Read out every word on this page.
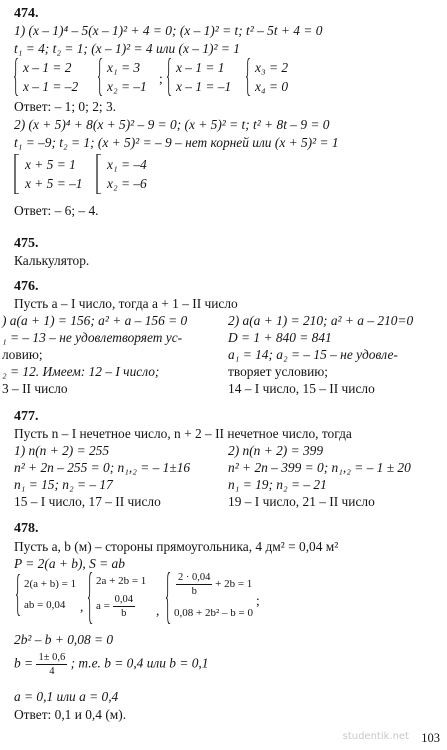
474.
1) (x – 1)⁴ – 5(x – 1)² + 4 = 0; (x – 1)² = t; t² – 5t + 4 = 0
t₁ = 4; t₂ = 1; (x – 1)² = 4 или (x – 1)² = 1
x – 1 = 2
x – 1 = –2
x₁ = 3
x₂ = –1
;
x – 1 = 1
x – 1 = –1
x₃ = 2
x₄ = 0
Ответ: – 1; 0; 2; 3.
2) (x + 5)⁴ + 8(x + 5)² – 9 = 0; (x + 5)² = t; t² + 8t – 9 = 0
t₁ = –9; t₂ = 1; (x + 5)² = – 9 – нет корней или (x + 5)² = 1
x + 5 = 1
x + 5 = –1
x₁ = –4
x₂ = –6
Ответ: – 6; – 4.
475.
Калькулятор.
476.
Пусть a – I число, тогда a + 1 – II число
) a(a + 1) = 156; a² + a – 156 = 0
₁ = – 13 – не удовлетворяет ус-
ловию;
₂ = 12. Имеем: 12 – I число;
3 – II число
2) a(a + 1) = 210; a² + a – 210=0
D = 1 + 840 = 841
a₁ = 14; a₂ = – 15 – не удовле-
творяет условию;
14 – I число, 15 – II число
477.
Пусть n – I нечетное число, n + 2 – II нечетное число, тогда
1) n(n + 2) = 255
n² + 2n – 255 = 0; n₁,₂ = – 1±16
n₁ = 15; n₂ = – 17
15 – I число, 17 – II число
2) n(n + 2) = 399
n² + 2n – 399 = 0; n₁,₂ = – 1 ± 20
n₁ = 19; n₂ = – 21
19 – I число, 21 – II число
478.
Пусть a, b (м) – стороны прямоугольника, 4 дм² = 0,04 м²
P = 2(a + b), S = ab
2(a + b) = 1
ab = 0,04 ,
2a + 2b = 1
$a = \frac{0,04}{b}$ ,
$\frac{2 \cdot 0,04}{b} + 2b = 1$
0,08 + 2b² – b = 0
;
2b² – b + 0,08 = 0
$b = \frac{1\pm 0,6}{4}$ ; т.е. b = 0,4 или b = 0,1
a = 0,1 или a = 0,4
Ответ: 0,1 и 0,4 (м).
studentik.net 103
